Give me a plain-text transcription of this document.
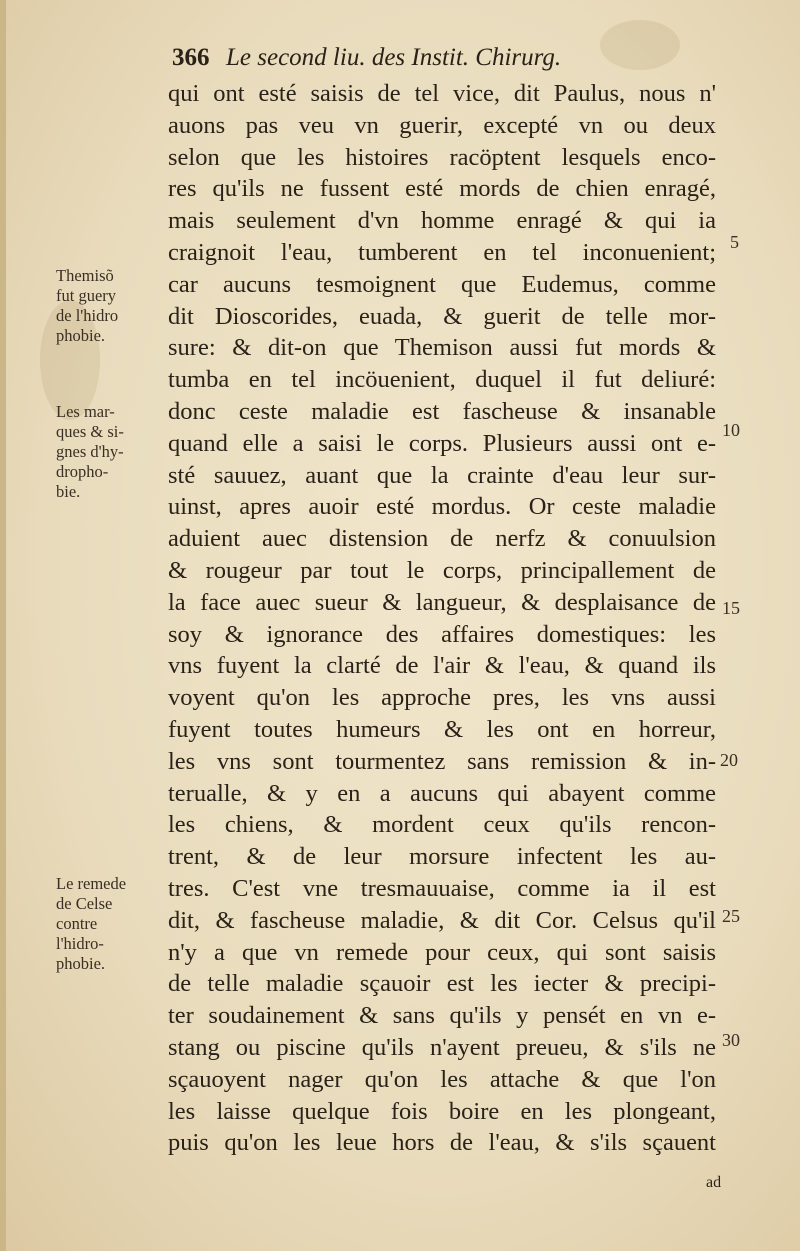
366 Le second liu. des Instit. Chirurg.
qui ont esté saisis de tel vice, dit Paulus, nous n'
auons pas veu vn guerir, excepté vn ou deux
selon que les histoires racöptent lesquels enco-
res qu'ils ne fussent esté mords de chien enragé,
mais seulement d'vn homme enragé & qui ia
craignoit l'eau, tumberent en tel inconuenient;
car aucuns tesmoignent que Eudemus, comme
dit Dioscorides, euada, & guerit de telle mor-
sure: & dit-on que Themison aussi fut mords &
tumba en tel incöuenient, duquel il fut deliuré:
donc ceste maladie est fascheuse & insanable
quand elle a saisi le corps. Plusieurs aussi ont e-
sté sauuez, auant que la crainte d'eau leur sur-
uinst, apres auoir esté mordus. Or ceste maladie
aduient auec distension de nerfz & conuulsion
& rougeur par tout le corps, principallement de
la face auec sueur & langueur, & desplaisance de
soy & ignorance des affaires domestiques: les
vns fuyent la clarté de l'air & l'eau, & quand ils
voyent qu'on les approche pres, les vns aussi
fuyent toutes humeurs & les ont en horreur,
les vns sont tourmentez sans remission & in-
teruallе, & y en a aucuns qui abayent comme
les chiens, & mordent ceux qu'ils rencon-
trent, & de leur morsure infectent les au-
tres. C'est vne tresmauuaise, comme ia il est
dit, & fascheuse maladie, & dit Cor. Celsus qu'il
n'y a que vn remede pour ceux, qui sont saisis
de telle maladie sçauoir est les iecter & precipi-
ter soudainement & sans qu'ils y pensét en vn e-
stang ou piscine qu'ils n'ayent preueu, & s'ils ne
sçauoyent nager qu'on les attache & que l'on
les laisse quelque fois boire en les plongeant,
puis qu'on les leue hors de l'eau, & s'ils sçauent
Themisõ
fut guery
de l'hidro
phobie.
Les mar-
ques & si-
gnes d'hy-
dropho-
bie.
Le remede
de Celse
contre
l'hidro-
phobie.
5
10
15
20
25
30
ad
